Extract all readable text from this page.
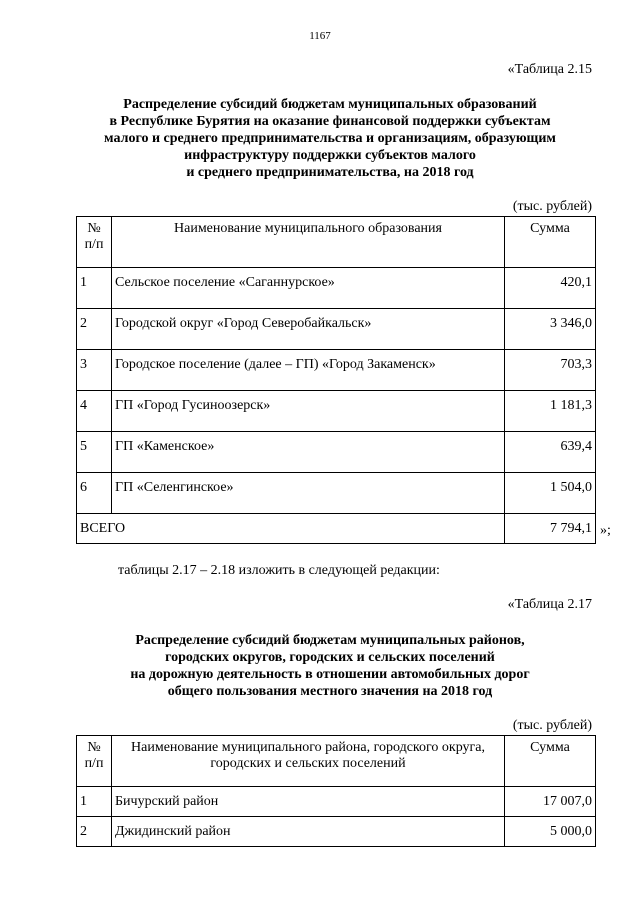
1167
«Таблица 2.15
Распределение субсидий бюджетам муниципальных образований
в Республике Бурятия на оказание финансовой поддержки субъектам
малого и среднего предпринимательства и организациям, образующим
инфраструктуру поддержки субъектов малого
и среднего предпринимательства, на 2018 год
(тыс. рублей)
№ п/п	Наименование муниципального образования	Сумма
1	Сельское поселение «Саганнурское»	420,1
2	Городской округ «Город Северобайкальск»	3 346,0
3	Городское поселение (далее – ГП) «Город Закаменск»	703,3
4	ГП «Город Гусиноозерск»	1 181,3
5	ГП «Каменское»	639,4
6	ГП «Селенгинское»	1 504,0
ВСЕГО		7 794,1 »;
таблицы 2.17 – 2.18 изложить в следующей редакции:
«Таблица 2.17
Распределение субсидий бюджетам муниципальных районов,
городских округов, городских и сельских поселений
на дорожную деятельность в отношении автомобильных дорог
общего пользования местного значения на 2018 год
(тыс. рублей)
№ п/п	Наименование муниципального района, городского округа, городских и сельских поселений	Сумма
1	Бичурский район	17 007,0
2	Джидинский район	5 000,0
